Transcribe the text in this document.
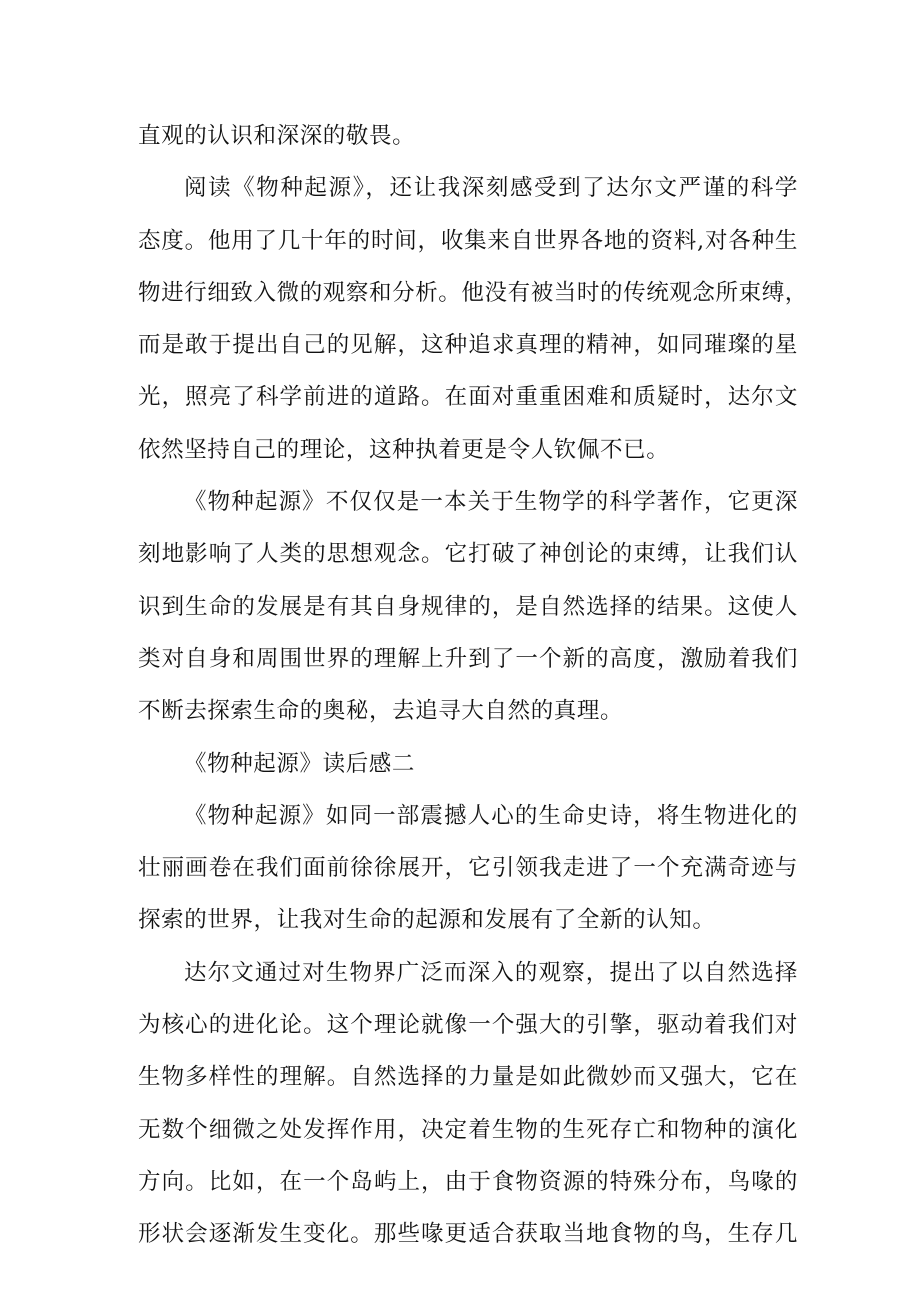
直观的认识和深深的敬畏。
阅读《物种起源》，还让我深刻感受到了达尔文严谨的科学
态度。他用了几十年的时间，收集来自世界各地的资料,对各种生
物进行细致入微的观察和分析。他没有被当时的传统观念所束缚，
而是敢于提出自己的见解，这种追求真理的精神，如同璀璨的星
光，照亮了科学前进的道路。在面对重重困难和质疑时，达尔文
依然坚持自己的理论，这种执着更是令人钦佩不已。
《物种起源》不仅仅是一本关于生物学的科学著作，它更深
刻地影响了人类的思想观念。它打破了神创论的束缚，让我们认
识到生命的发展是有其自身规律的，是自然选择的结果。这使人
类对自身和周围世界的理解上升到了一个新的高度，激励着我们
不断去探索生命的奥秘，去追寻大自然的真理。
《物种起源》读后感二
《物种起源》如同一部震撼人心的生命史诗，将生物进化的
壮丽画卷在我们面前徐徐展开，它引领我走进了一个充满奇迹与
探索的世界，让我对生命的起源和发展有了全新的认知。
达尔文通过对生物界广泛而深入的观察，提出了以自然选择
为核心的进化论。这个理论就像一个强大的引擎，驱动着我们对
生物多样性的理解。自然选择的力量是如此微妙而又强大，它在
无数个细微之处发挥作用，决定着生物的生死存亡和物种的演化
方向。比如，在一个岛屿上，由于食物资源的特殊分布，鸟喙的
形状会逐渐发生变化。那些喙更适合获取当地食物的鸟，生存几
